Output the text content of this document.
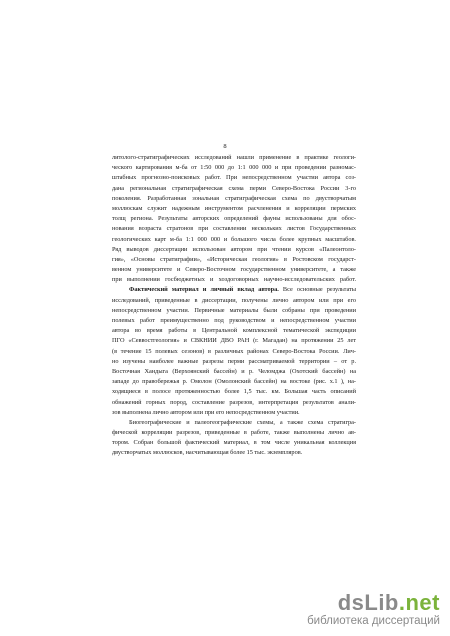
8
литолого-стратиграфических исследований нашли применение в практике геологи-
ческого картирования м-ба от 1:50 000 до 1:1 000 000 и при проведении разномас-
штабных прогнозно-поисковых работ. При непосредственном участии автора соз-
дана региональная стратиграфическая схема перми Северо-Востока России 3-го
поколения. Разработанная зональная стратиграфическая схема по двустворчатым
моллюскам служит надежным инструментом расчленения и корреляции пермских
толщ региона. Результаты авторских определений фауны использованы для обос-
нования возраста стратонов при составлении нескольких листов Государственных
геологических карт м-ба 1:1 000 000 и большого числа более крупных масштабов.
Ряд выводов диссертации использован автором при чтении курсов «Палеонтоло-
гия», «Основы стратиграфии», «Историческая геология» в Ростовском государст-
венном университете и Северо-Восточном государственном университете, а также
при выполнении госбюджетных и хоздоговорных научно-исследовательских работ.
Фактический материал и личный вклад автора. Все основные результаты
исследований, приведенные в диссертации, получены лично автором или при его
непосредственном участии. Первичные материалы были собраны при проведении
полевых работ преимущественно под руководством и непосредственном участии
автора во время работы в Центральной комплексной тематической экспедиции
ПГО «Севвостгеология» и СВКНИИ ДВО РАН (г. Магадан) на протяжении 25 лет
(в течение 15 полевых сезонов) в различных районах Северо-Востока России. Лич-
но изучены наиболее важные разрезы перми рассматриваемой территории – от р.
Восточная Хандыга (Верхоянский бассейн) и р. Челомджа (Охотский бассейн) на
западе до правобережья р. Омолон (Омолонский бассейн) на востоке (рис. х.1 ), на-
ходящиеся в полосе протяженностью более 1,5 тыс. км. Большая часть описаний
обнажений горных пород, составление разрезов, интерпретация результатов анали-
зов выполнена лично автором или при его непосредственном участии.
Биогеографические и палеогеографические схемы, а также схема стратигра-
фической корреляции разрезов, приведенные в работе, также выполнены лично ав-
тором. Собран большой фактический материал, в том числе уникальная коллекция
двустворчатых моллюсков, насчитывающая более 15 тыс. экземпляров.
dsLib.net
библиотека диссертаций
